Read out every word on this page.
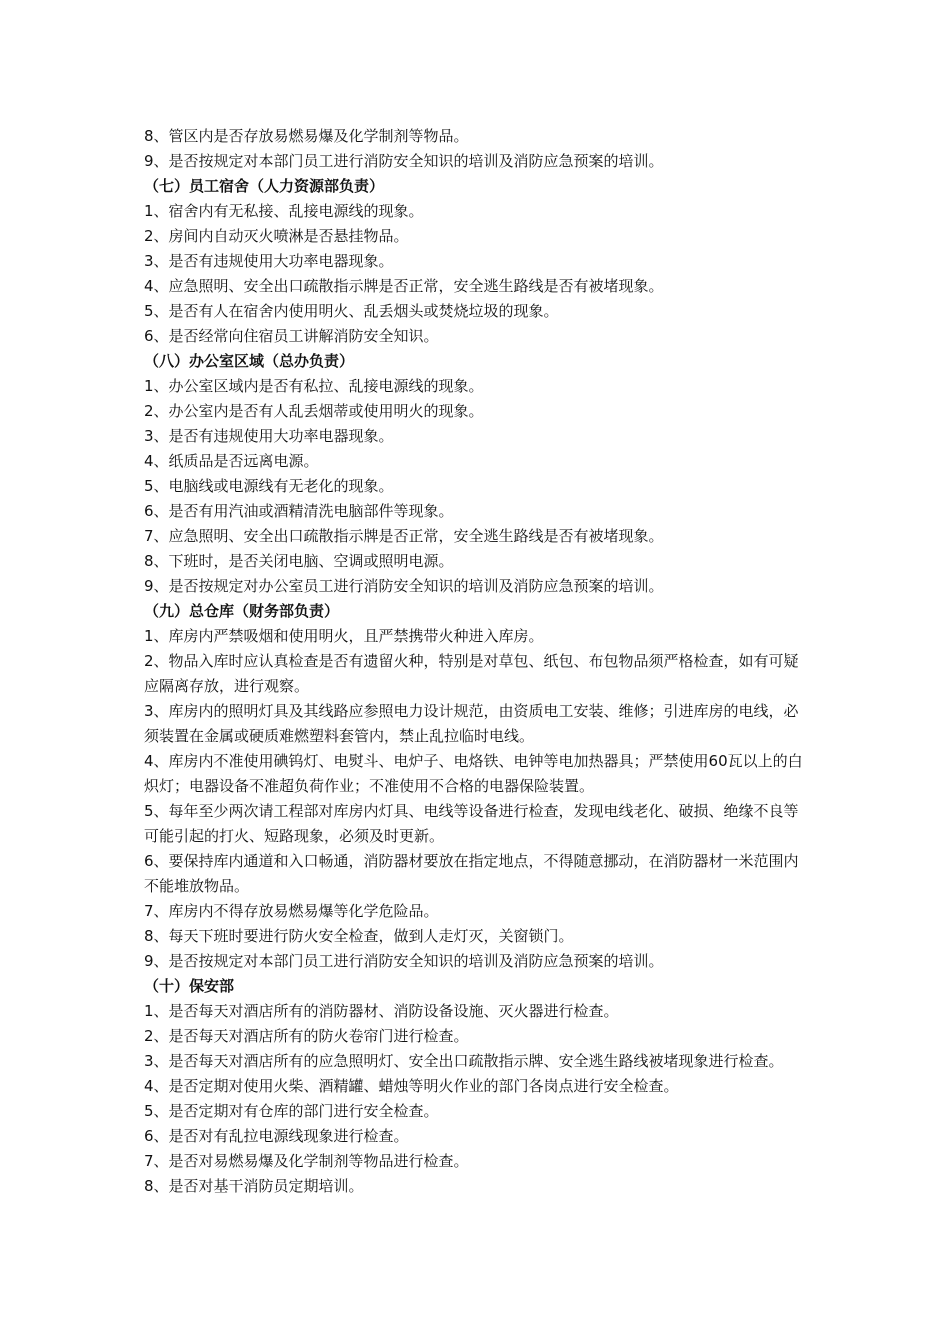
8、管区内是否存放易燃易爆及化学制剂等物品。
9、是否按规定对本部门员工进行消防安全知识的培训及消防应急预案的培训。
（七）员工宿舍（人力资源部负责）
1、宿舍内有无私接、乱接电源线的现象。
2、房间内自动灭火喷淋是否悬挂物品。
3、是否有违规使用大功率电器现象。
4、应急照明、安全出口疏散指示牌是否正常，安全逃生路线是否有被堵现象。
5、是否有人在宿舍内使用明火、乱丢烟头或焚烧垃圾的现象。
6、是否经常向住宿员工讲解消防安全知识。
（八）办公室区域（总办负责）
1、办公室区域内是否有私拉、乱接电源线的现象。
2、办公室内是否有人乱丢烟蒂或使用明火的现象。
3、是否有违规使用大功率电器现象。
4、纸质品是否远离电源。
5、电脑线或电源线有无老化的现象。
6、是否有用汽油或酒精清洗电脑部件等现象。
7、应急照明、安全出口疏散指示牌是否正常，安全逃生路线是否有被堵现象。
8、下班时，是否关闭电脑、空调或照明电源。
9、是否按规定对办公室员工进行消防安全知识的培训及消防应急预案的培训。
（九）总仓库（财务部负责）
1、库房内严禁吸烟和使用明火，且严禁携带火种进入库房。
2、物品入库时应认真检查是否有遗留火种，特别是对草包、纸包、布包物品须严格检查，如有可疑应隔离存放，进行观察。
3、库房内的照明灯具及其线路应参照电力设计规范，由资质电工安装、维修；引进库房的电线，必须装置在金属或硬质难燃塑料套管内，禁止乱拉临时电线。
4、库房内不准使用碘钨灯、电熨斗、电炉子、电烙铁、电钟等电加热器具；严禁使用60瓦以上的白炽灯；电器设备不准超负荷作业；不准使用不合格的电器保险装置。
5、每年至少两次请工程部对库房内灯具、电线等设备进行检查，发现电线老化、破损、绝缘不良等可能引起的打火、短路现象，必须及时更新。
6、要保持库内通道和入口畅通，消防器材要放在指定地点，不得随意挪动，在消防器材一米范围内不能堆放物品。
7、库房内不得存放易燃易爆等化学危险品。
8、每天下班时要进行防火安全检查，做到人走灯灭，关窗锁门。
9、是否按规定对本部门员工进行消防安全知识的培训及消防应急预案的培训。
（十）保安部
1、是否每天对酒店所有的消防器材、消防设备设施、灭火器进行检查。
2、是否每天对酒店所有的防火卷帘门进行检查。
3、是否每天对酒店所有的应急照明灯、安全出口疏散指示牌、安全逃生路线被堵现象进行检查。
4、是否定期对使用火柴、酒精罐、蜡烛等明火作业的部门各岗点进行安全检查。
5、是否定期对有仓库的部门进行安全检查。
6、是否对有乱拉电源线现象进行检查。
7、是否对易燃易爆及化学制剂等物品进行检查。
8、是否对基干消防员定期培训。
